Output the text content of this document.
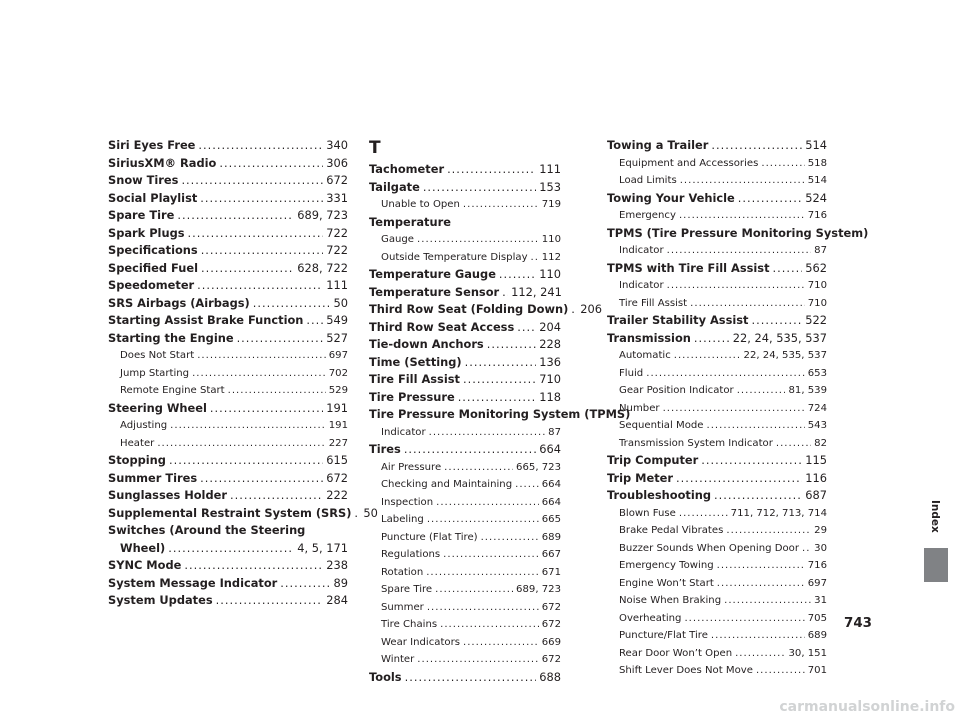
Siri Eyes Free .....	340
SiriusXM® Radio .....	306
Snow Tires .....	672
Social Playlist .....	331
Spare Tire .....	689, 723
Spark Plugs .....	722
Specifications .....	722
Specified Fuel .....	628, 722
Speedometer .....	111
SRS Airbags (Airbags) .....	50
Starting Assist Brake Function ..... 549
Starting the Engine .....	527
Does Not Start .....	697
Jump Starting .....	702
Remote Engine Start .....	529
Steering Wheel .....	191
Adjusting .....	191
Heater .....	227
Stopping .....	615
Summer Tires .....	672
Sunglasses Holder .....	222
Supplemental Restraint System (SRS) ..... 50
Switches (Around the Steering
Wheel) .....	4, 5, 171
SYNC Mode .....	238
System Message Indicator .....	89
System Updates .....	284
T
Tachometer .....	111
Tailgate .....	153
Unable to Open .....	719
Temperature
Gauge .....	110
Outside Temperature Display ..... 112
Temperature Gauge .....	110
Temperature Sensor ..... 112, 241
Third Row Seat (Folding Down) ..... 206
Third Row Seat Access ..... 204
Tie-down Anchors .....	228
Time (Setting) .....	136
Tire Fill Assist .....	710
Tire Pressure .....	118
Tire Pressure Monitoring System (TPMS)
Indicator .....	87
Tires .....	664
Air Pressure .....	665, 723
Checking and Maintaining .....	664
Inspection .....	664
Labeling .....	665
Puncture (Flat Tire) .....	689
Regulations .....	667
Rotation .....	671
Spare Tire .....	689, 723
Summer .....	672
Tire Chains .....	672
Wear Indicators .....	669
Winter .....	672
Tools .....	688
Towing a Trailer .....	514
Equipment and Accessories .....	518
Load Limits .....	514
Towing Your Vehicle .....	524
Emergency .....	716
TPMS (Tire Pressure Monitoring System)
Indicator .....	87
TPMS with Tire Fill Assist .....	562
Indicator .....	710
Tire Fill Assist .....	710
Trailer Stability Assist .....	522
Transmission .....	22, 24, 535, 537
Automatic .....	22, 24, 535, 537
Fluid .....	653
Gear Position Indicator .....	81, 539
Number .....	724
Sequential Mode .....	543
Transmission System Indicator .....	82
Trip Computer .....	115
Trip Meter .....	116
Troubleshooting .....	687
Blown Fuse .....	711, 712, 713, 714
Brake Pedal Vibrates .....	29
Buzzer Sounds When Opening Door ..... 30
Emergency Towing .....	716
Engine Won’t Start .....	697
Noise When Braking .....	31
Overheating .....	705
Puncture/Flat Tire .....	689
Rear Door Won’t Open .....	30, 151
Shift Lever Does Not Move .....	701
Index
743
carmanualsonline.info
